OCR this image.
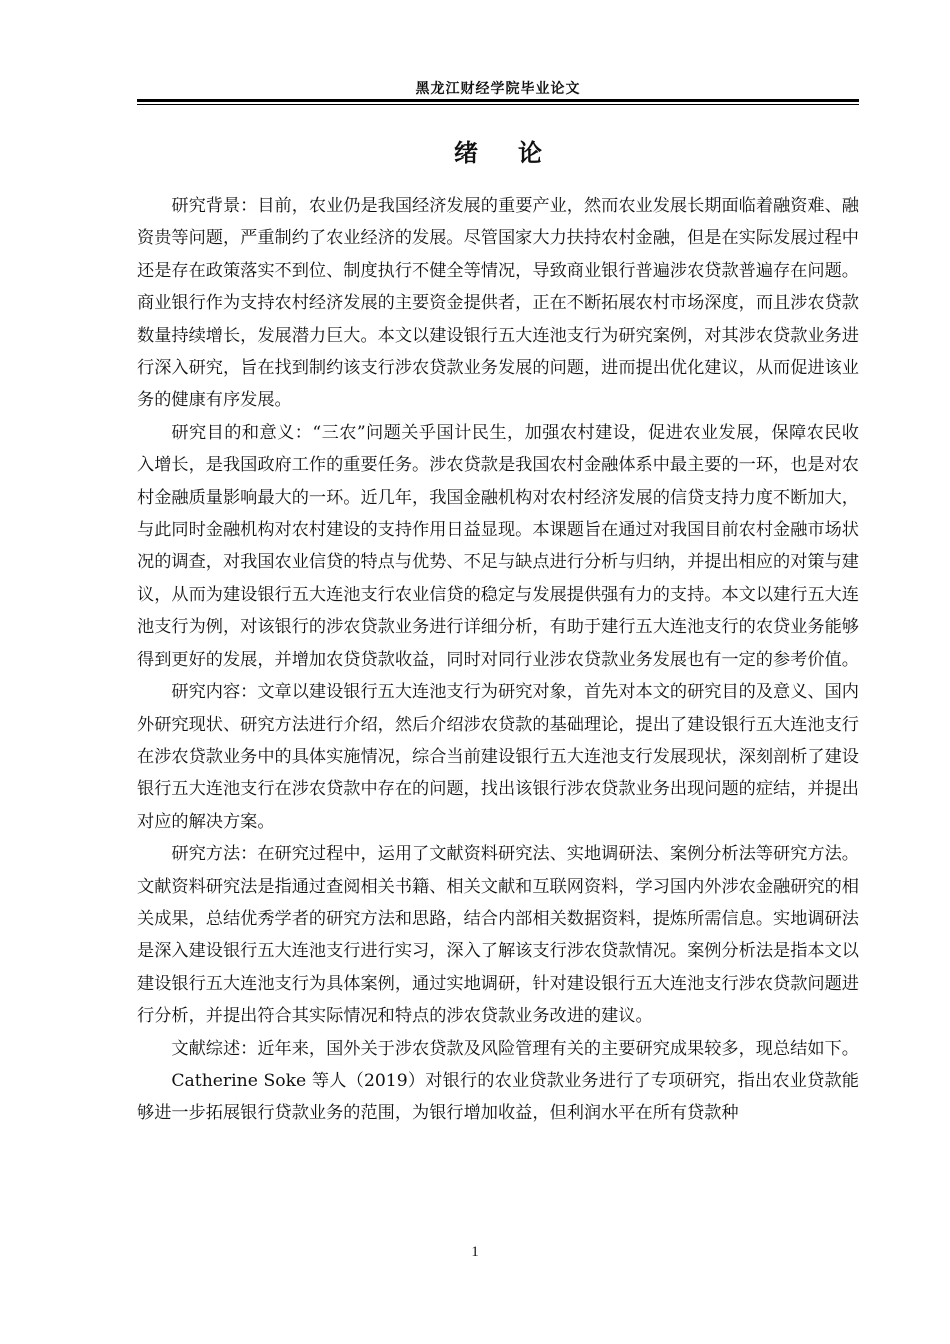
黑龙江财经学院毕业论文
绪论

研究背景：目前，农业仍是我国经济发展的重要产业，然而农业发展长期面临着融资难、融资贵等问题，严重制约了农业经济的发展。尽管国家大力扶持农村金融，但是在实际发展过程中还是存在政策落实不到位、制度执行不健全等情况，导致商业银行普遍涉农贷款普遍存在问题。商业银行作为支持农村经济发展的主要资金提供者，正在不断拓展农村市场深度，而且涉农贷款数量持续增长，发展潜力巨大。本文以建设银行五大连池支行为研究案例，对其涉农贷款业务进行深入研究，旨在找到制约该支行涉农贷款业务发展的问题，进而提出优化建议，从而促进该业务的健康有序发展。

研究目的和意义：“三农”问题关乎国计民生，加强农村建设，促进农业发展，保障农民收入增长，是我国政府工作的重要任务。涉农贷款是我国农村金融体系中最主要的一环，也是对农村金融质量影响最大的一环。近几年，我国金融机构对农村经济发展的信贷支持力度不断加大，与此同时金融机构对农村建设的支持作用日益显现。本课题旨在通过对我国目前农村金融市场状况的调查，对我国农业信贷的特点与优势、不足与缺点进行分析与归纳，并提出相应的对策与建议，从而为建设银行五大连池支行农业信贷的稳定与发展提供强有力的支持。本文以建行五大连池支行为例，对该银行的涉农贷款业务进行详细分析，有助于建行五大连池支行的农贷业务能够得到更好的发展，并增加农贷贷款收益，同时对同行业涉农贷款业务发展也有一定的参考价值。

研究内容：文章以建设银行五大连池支行为研究对象，首先对本文的研究目的及意义、国内外研究现状、研究方法进行介绍，然后介绍涉农贷款的基础理论，提出了建设银行五大连池支行在涉农贷款业务中的具体实施情况，综合当前建设银行五大连池支行发展现状，深刻剖析了建设银行五大连池支行在涉农贷款中存在的问题，找出该银行涉农贷款业务出现问题的症结，并提出对应的解决方案。

研究方法：在研究过程中，运用了文献资料研究法、实地调研法、案例分析法等研究方法。文献资料研究法是指通过查阅相关书籍、相关文献和互联网资料，学习国内外涉农金融研究的相关成果，总结优秀学者的研究方法和思路，结合内部相关数据资料，提炼所需信息。实地调研法是深入建设银行五大连池支行进行实习，深入了解该支行涉农贷款情况。案例分析法是指本文以建设银行五大连池支行为具体案例，通过实地调研，针对建设银行五大连池支行涉农贷款问题进行分析，并提出符合其实际情况和特点的涉农贷款业务改进的建议。

文献综述：近年来，国外关于涉农贷款及风险管理有关的主要研究成果较多，现总结如下。

Catherine Soke 等人（2019）对银行的农业贷款业务进行了专项研究，指出农业贷款能够进一步拓展银行贷款业务的范围，为银行增加收益，但利润水平在所有贷款种

1
